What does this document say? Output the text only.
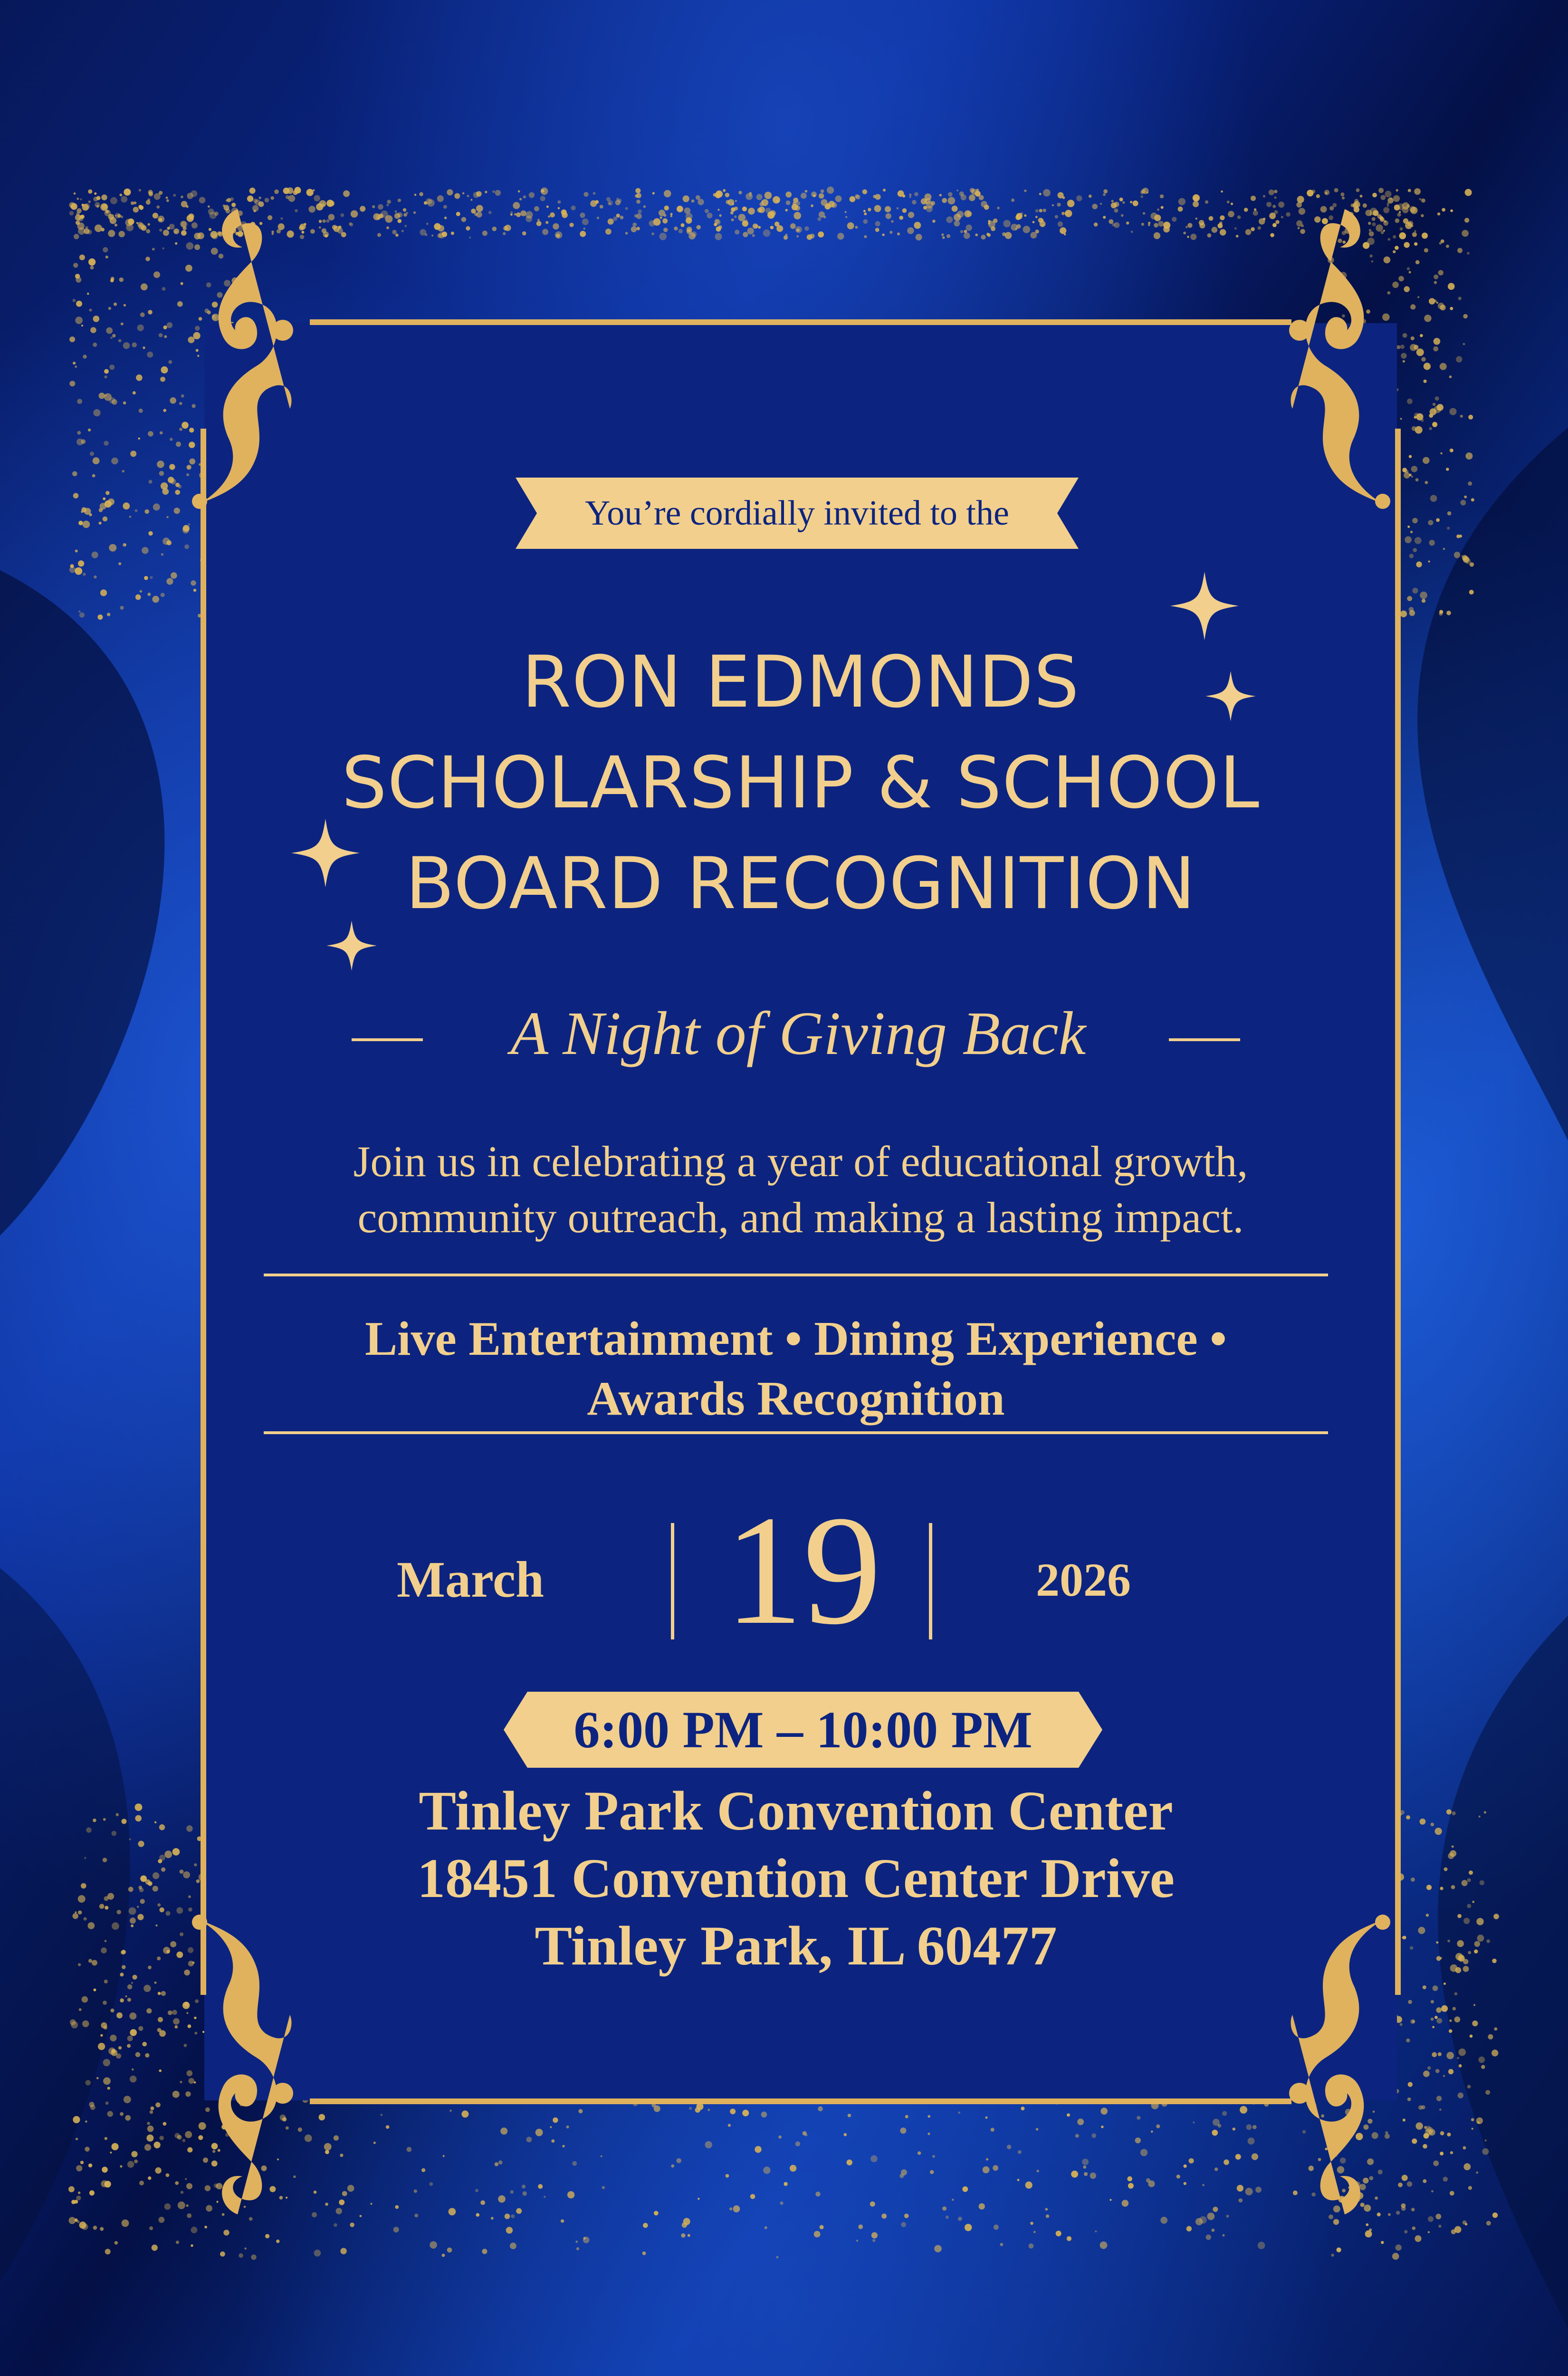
You’re cordially invited to the
RON EDMONDS
SCHOLARSHIP & SCHOOL
BOARD RECOGNITION
A Night of Giving Back
Join us in celebrating a year of educational growth,
community outreach, and making a lasting impact.
Live Entertainment • Dining Experience •
Awards Recognition
March	19	2026
6:00 PM – 10:00 PM
Tinley Park Convention Center
18451 Convention Center Drive
Tinley Park, IL 60477
